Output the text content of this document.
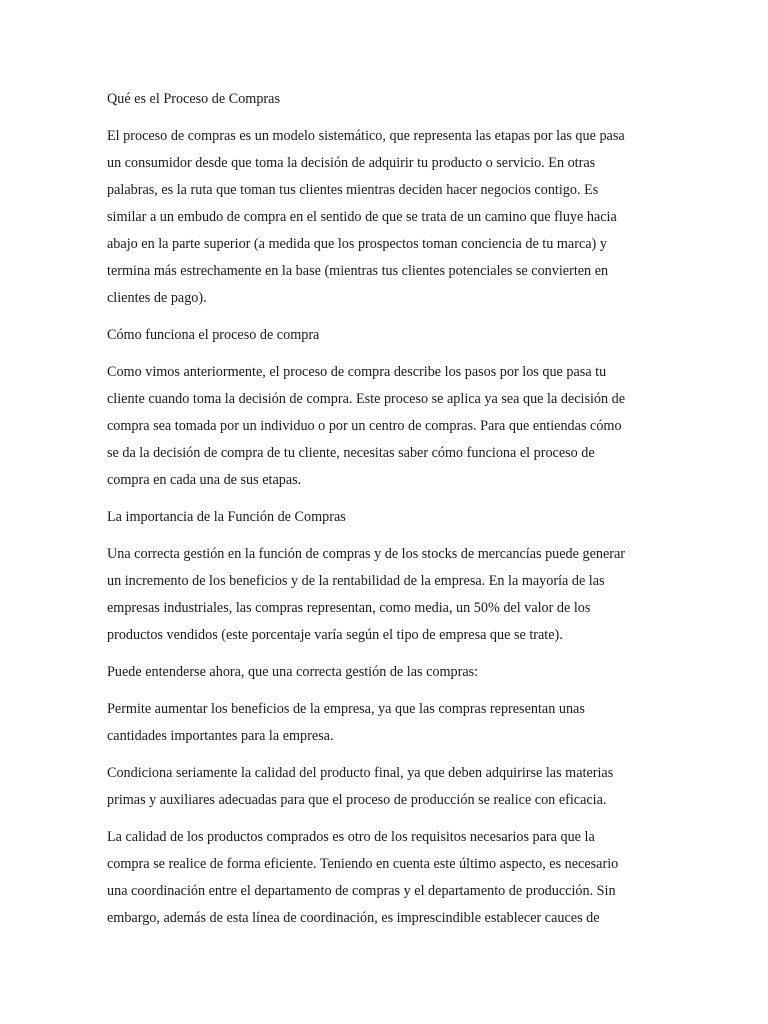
Qué es el Proceso de Compras

El proceso de compras es un modelo sistemático, que representa las etapas por las que pasa
un consumidor desde que toma la decisión de adquirir tu producto o servicio. En otras
palabras, es la ruta que toman tus clientes mientras deciden hacer negocios contigo. Es
similar a un embudo de compra en el sentido de que se trata de un camino que fluye hacia
abajo en la parte superior (a medida que los prospectos toman conciencia de tu marca) y
termina más estrechamente en la base (mientras tus clientes potenciales se convierten en
clientes de pago).

Cómo funciona el proceso de compra

Como vimos anteriormente, el proceso de compra describe los pasos por los que pasa tu
cliente cuando toma la decisión de compra. Este proceso se aplica ya sea que la decisión de
compra sea tomada por un individuo o por un centro de compras. Para que entiendas cómo
se da la decisión de compra de tu cliente, necesitas saber cómo funciona el proceso de
compra en cada una de sus etapas.

La importancia de la Función de Compras

Una correcta gestión en la función de compras y de los stocks de mercancías puede generar
un incremento de los beneficios y de la rentabilidad de la empresa. En la mayoría de las
empresas industriales, las compras representan, como media, un 50% del valor de los
productos vendidos (este porcentaje varía según el tipo de empresa que se trate).

Puede entenderse ahora, que una correcta gestión de las compras:

Permite aumentar los beneficios de la empresa, ya que las compras representan unas
cantidades importantes para la empresa.

Condiciona seriamente la calidad del producto final, ya que deben adquirirse las materias
primas y auxiliares adecuadas para que el proceso de producción se realice con eficacia.

La calidad de los productos comprados es otro de los requisitos necesarios para que la
compra se realice de forma eficiente. Teniendo en cuenta este último aspecto, es necesario
una coordinación entre el departamento de compras y el departamento de producción. Sin
embargo, además de esta línea de coordinación, es imprescindible establecer cauces de
